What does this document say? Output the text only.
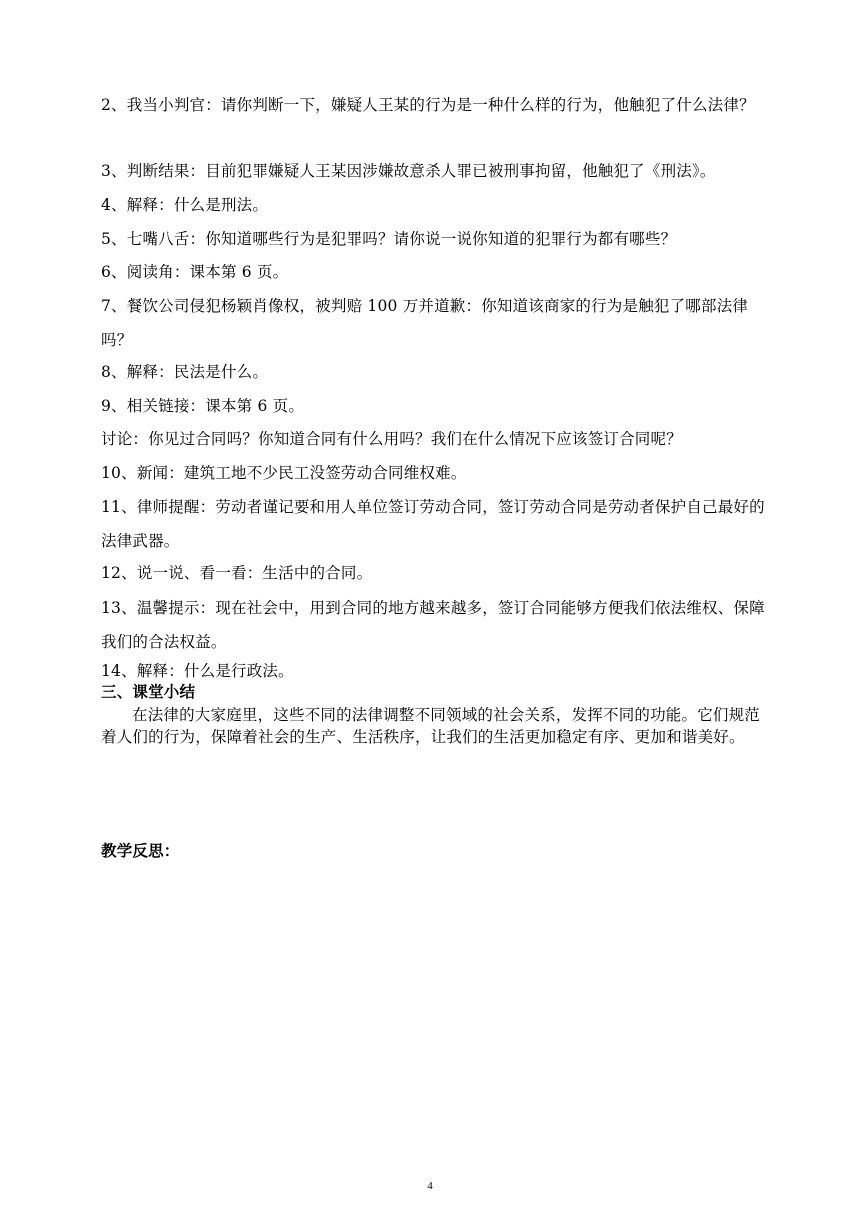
2、我当小判官：请你判断一下，嫌疑人王某的行为是一种什么样的行为，他触犯了什么法律？
3、判断结果：目前犯罪嫌疑人王某因涉嫌故意杀人罪已被刑事拘留，他触犯了《刑法》。
4、解释：什么是刑法。
5、七嘴八舌：你知道哪些行为是犯罪吗？请你说一说你知道的犯罪行为都有哪些？
6、阅读角：课本第 6 页。
7、餐饮公司侵犯杨颖肖像权，被判赔 100 万并道歉：你知道该商家的行为是触犯了哪部法律吗？
8、解释：民法是什么。
9、相关链接：课本第 6 页。
讨论：你见过合同吗？你知道合同有什么用吗？我们在什么情况下应该签订合同呢？
10、新闻：建筑工地不少民工没签劳动合同维权难。
11、律师提醒：劳动者谨记要和用人单位签订劳动合同，签订劳动合同是劳动者保护自己最好的法律武器。
12、说一说、看一看：生活中的合同。
13、温馨提示：现在社会中，用到合同的地方越来越多，签订合同能够方便我们依法维权、保障我们的合法权益。
14、解释：什么是行政法。
三、课堂小结
在法律的大家庭里，这些不同的法律调整不同领域的社会关系，发挥不同的功能。它们规范着人们的行为，保障着社会的生产、生活秩序，让我们的生活更加稳定有序、更加和谐美好。
教学反思：
4
